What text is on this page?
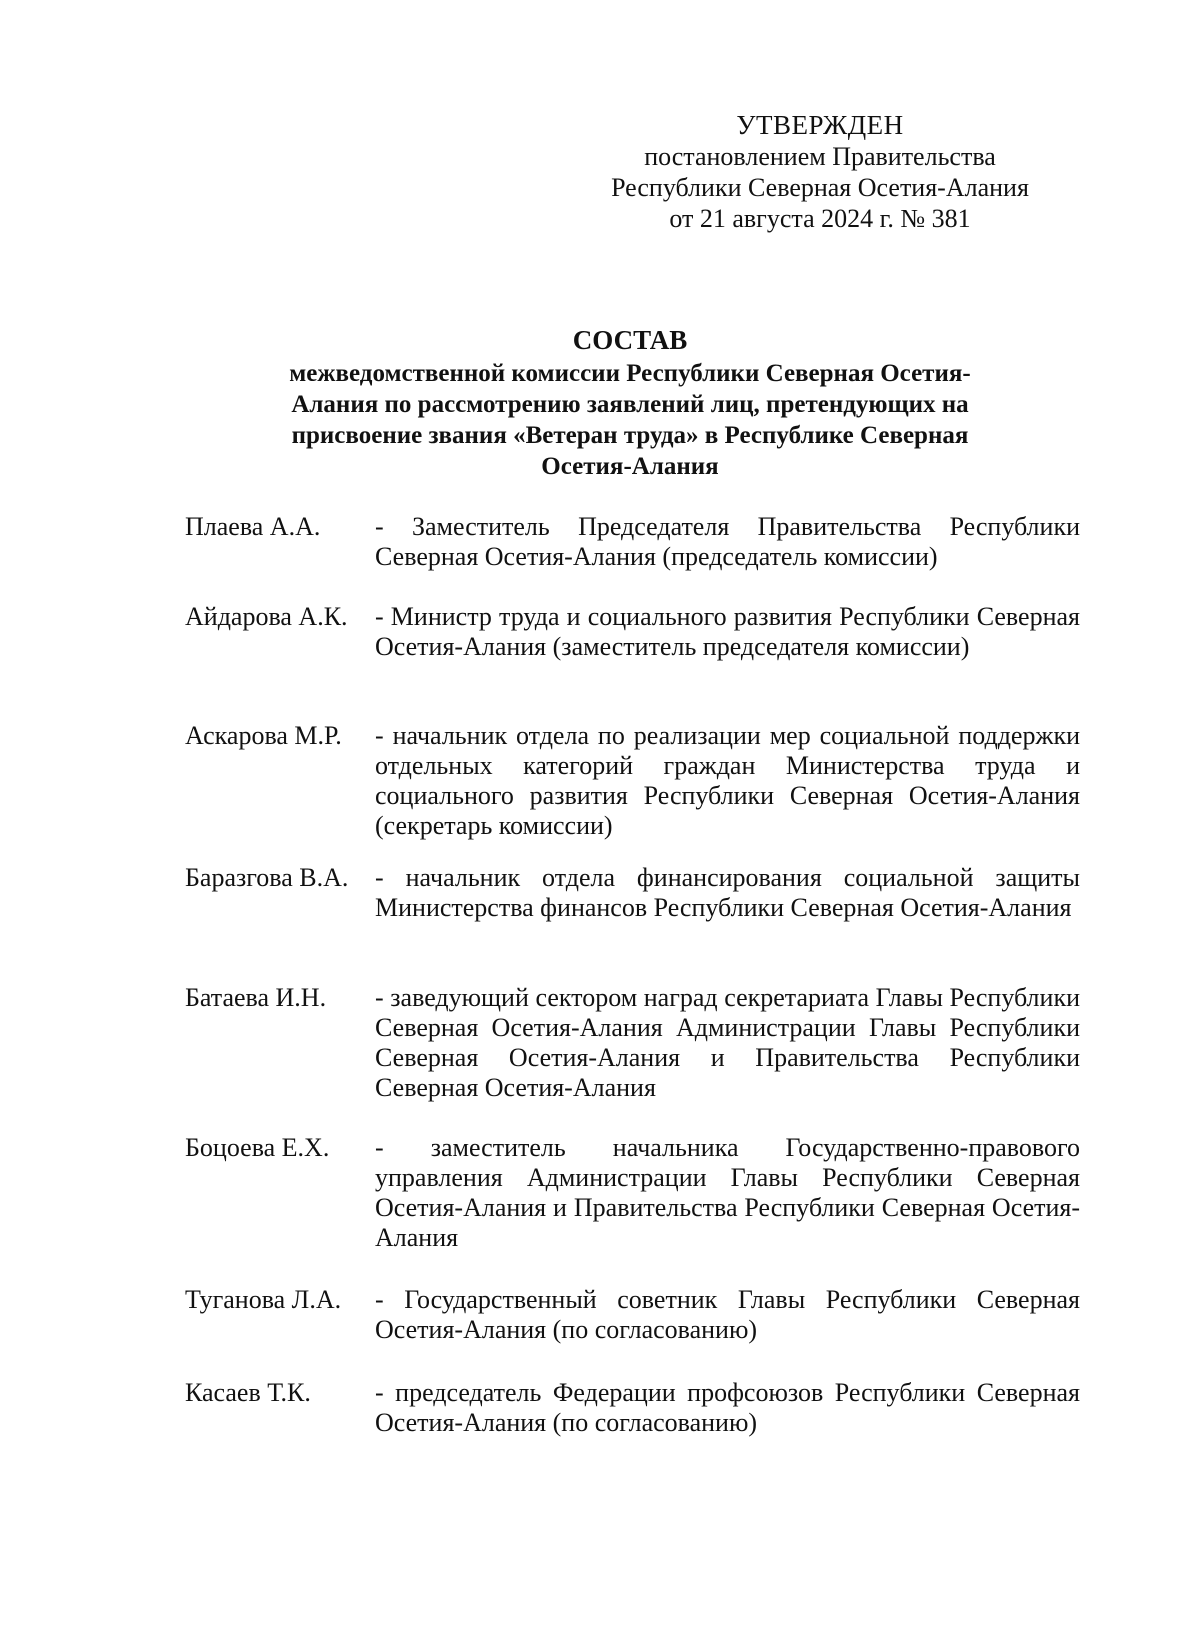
УТВЕРЖДЕН
постановлением Правительства
Республики Северная Осетия-Алания
от 21 августа 2024 г. № 381
СОСТАВ
межведомственной комиссии Республики Северная Осетия-Алания по рассмотрению заявлений лиц, претендующих на присвоение звания «Ветеран труда» в Республике Северная Осетия-Алания
Плаева А.А.	- Заместитель Председателя Правительства Республики Северная Осетия-Алания (председатель комиссии)
Айдарова А.К.	- Министр труда и социального развития Республики Северная Осетия-Алания (заместитель председателя комиссии)
Аскарова М.Р.	- начальник отдела по реализации мер социальной поддержки отдельных категорий граждан Министерства труда и социального развития Республики Северная Осетия-Алания (секретарь комиссии)
Баразгова В.А.	- начальник отдела финансирования социальной защиты Министерства финансов Республики Северная Осетия-Алания
Батаева И.Н.	- заведующий сектором наград секретариата Главы Республики Северная Осетия-Алания Администрации Главы Республики Северная Осетия-Алания и Правительства Республики Северная Осетия-Алания
Боцоева Е.Х.	- заместитель начальника Государственно-правового управления Администрации Главы Республики Северная Осетия-Алания и Правительства Республики Северная Осетия-Алания
Туганова Л.А.	- Государственный советник Главы Республики Северная Осетия-Алания (по согласованию)
Касаев Т.К.	- председатель Федерации профсоюзов Республики Северная Осетия-Алания (по согласованию)
